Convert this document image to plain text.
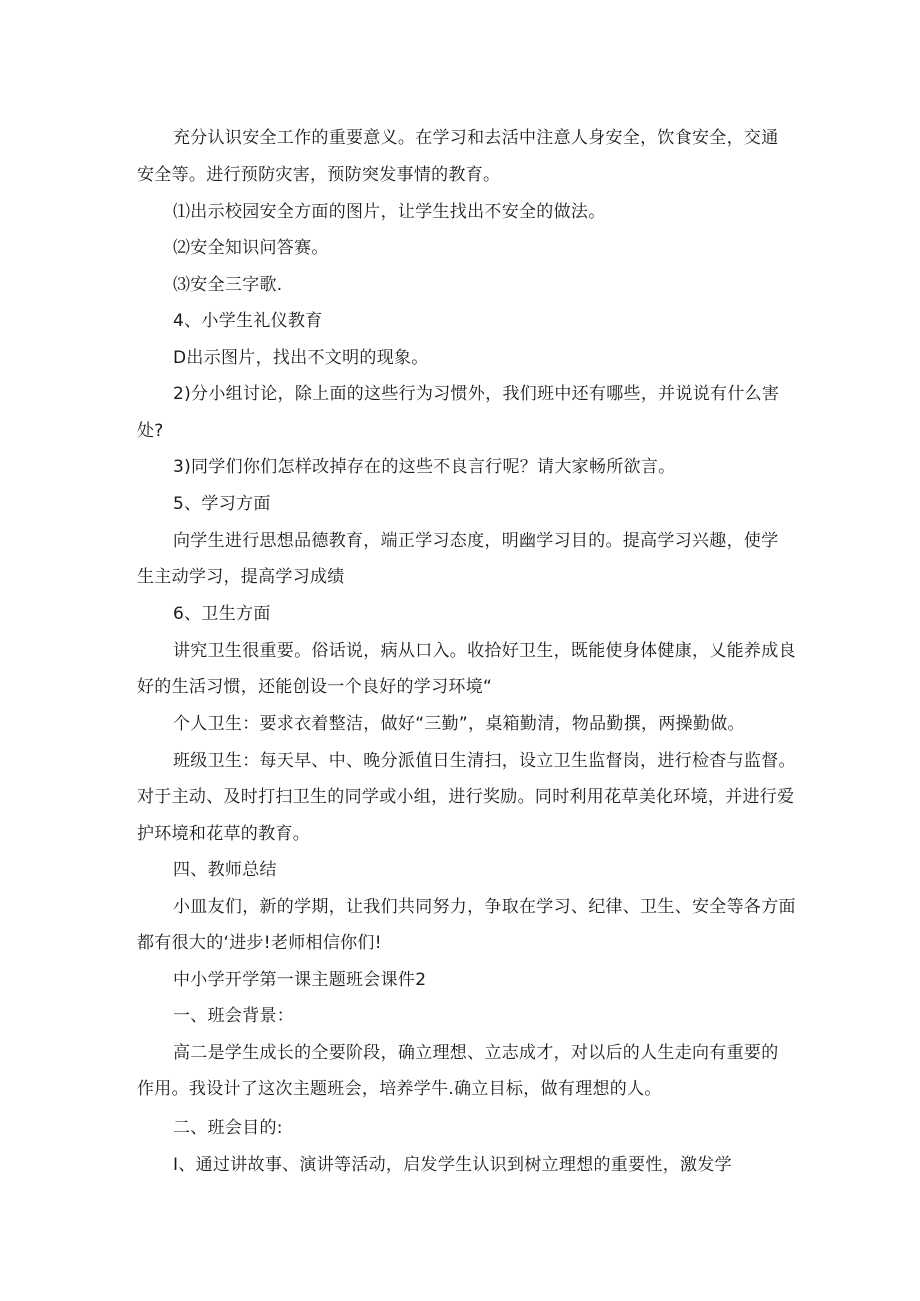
充分认识安全工作的重要意义。在学习和去活中注意人身安全，饮食安全，交通
安全等。进行预防灾害，预防突发事情的教育。
⑴出示校园安全方面的图片，让学生找出不安全的做法。
⑵安全知识问答赛。
⑶安全三字歌.
4、小学生礼仪教育
D出示图片，找出不文明的现象。
2)分小组讨论，除上面的这些行为习惯外，我们班中还有哪些，并说说有什么害
处?
3)同学们你们怎样改掉存在的这些不良言行呢？请大家畅所欲言。
5、学习方面
向学生进行思想品德教育，端正学习态度，明幽学习目的。提高学习兴趣，使学
生主动学习，提高学习成绩
6、卫生方面
讲究卫生很重要。俗话说，病从口入。收拾好卫生，既能使身体健康，乂能养成良
好的生活习惯，还能创设一个良好的学习环境“
个人卫生：要求衣着整洁，做好“三勤”，桌箱勤清，物品勤撰，两操勤做。
班级卫生：每天早、中、晚分派值日生清扫，设立卫生监督岗，进行检杳与监督。
对于主动、及时打扫卫生的同学或小组，进行奖励。同时利用花草美化环境，并进行爱
护环境和花草的教育。
四、教师总结
小皿友们，新的学期，让我们共同努力，争取在学习、纪律、卫生、安全等各方面
都有很大的‘进步!老师相信你们!
中小学开学第一课主题班会课件2
一、班会背景：
高二是学生成长的仝要阶段，确立理想、立志成才，对以后的人生走向有重要的
作用。我设计了这次主题班会，培养学牛.确立目标，做有理想的人。
二、班会目的:
I、通过讲故事、演讲等活动，启发学生认识到树立理想的重要性，激发学
